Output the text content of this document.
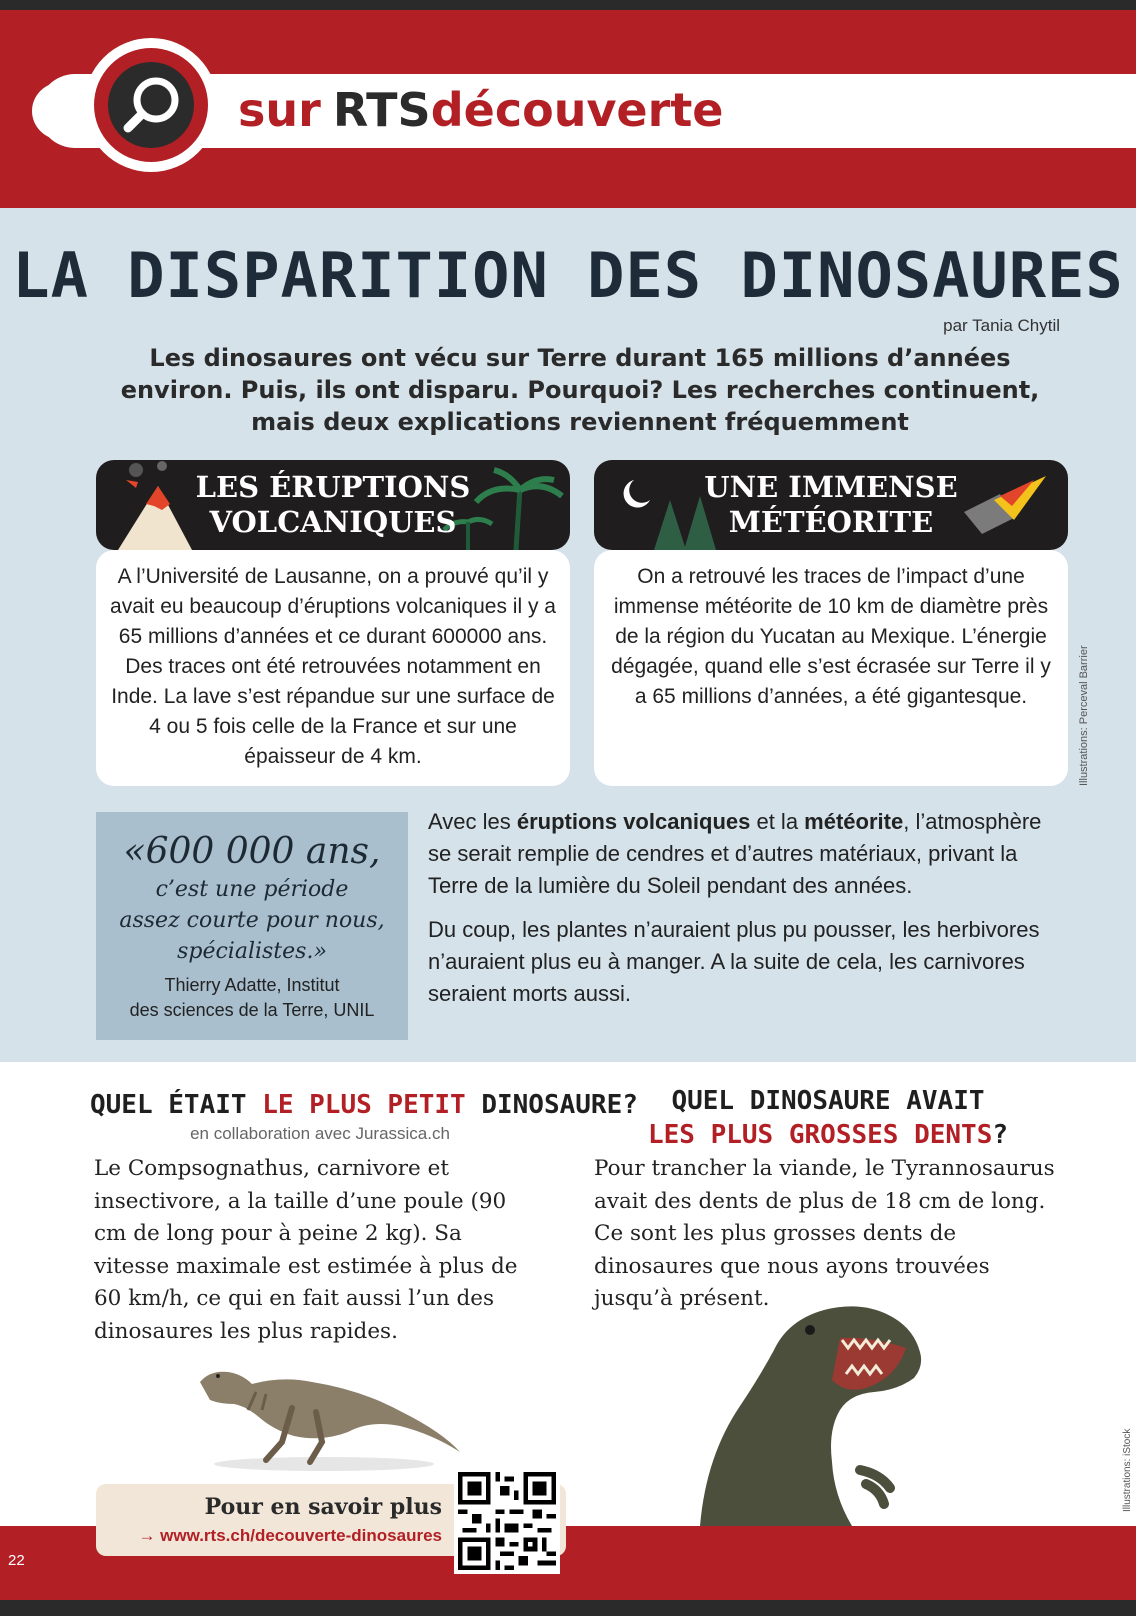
sur RTSdécouverte
LA DISPARITION DES DINOSAURES
par Tania Chytil
Les dinosaures ont vécu sur Terre durant 165 millions d’années environ. Puis, ils ont disparu. Pourquoi? Les recherches continuent, mais deux explications reviennent fréquemment
LES ÉRUPTIONS
VOLCANIQUES
A l’Université de Lausanne, on a prouvé qu’il y avait eu beaucoup d’éruptions volcaniques il y a 65 millions d’années et ce durant 600000 ans. Des traces ont été retrouvées notamment en Inde. La lave s’est répandue sur une surface de 4 ou 5 fois celle de la France et sur une épaisseur de 4 km.
UNE IMMENSE
MÉTÉORITE
On a retrouvé les traces de l’impact d’une immense météorite de 10 km de diamètre près de la région du Yucatan au Mexique. L’énergie dégagée, quand elle s’est écrasée sur Terre il y a 65 millions d’années, a été gigantesque.	Illustrations: Perceval Barrier
«600 000 ans,
c’est une période
assez courte pour nous,
spécialistes.»
Thierry Adatte, Institut
des sciences de la Terre, UNIL

Avec les éruptions volcaniques et la météorite, l’atmosphère se serait remplie de cendres et d’autres matériaux, privant la Terre de la lumière du Soleil pendant des années.

Du coup, les plantes n’auraient plus pu pousser, les herbivores n’auraient plus eu à manger. A la suite de cela, les carnivores seraient morts aussi.

QUEL ÉTAIT LE PLUS PETIT DINOSAURE?
en collaboration avec Jurassica.ch
Le Compsognathus, carnivore et insectivore, a la taille d’une poule (90 cm de long pour à peine 2 kg). Sa vitesse maximale est estimée à plus de 60 km/h, ce qui en fait aussi l’un des dinosaures les plus rapides.
QUEL DINOSAURE AVAIT
LES PLUS GROSSES DENTS?
Pour trancher la viande, le Tyrannosaurus avait des dents de plus de 18 cm de long. Ce sont les plus grosses dents de dinosaures que nous ayons trouvées jusqu’à présent.
Illustrations: iStock
22
Pour en savoir plus
→ www.rts.ch/decouverte-dinosaures
